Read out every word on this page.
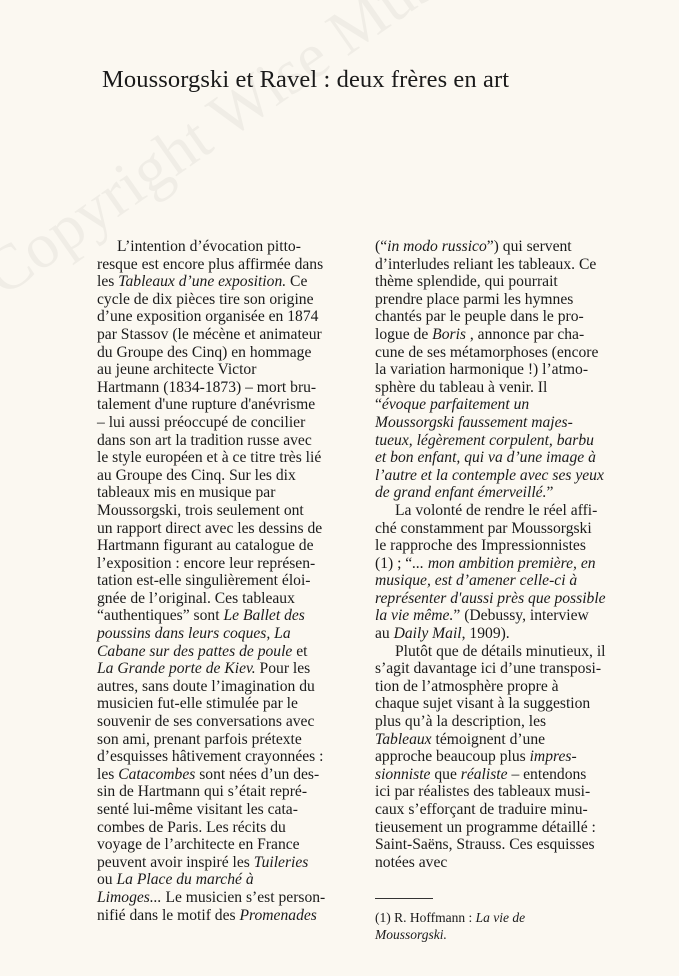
Moussorgski et Ravel : deux frères en art
L’intention d’évocation pitto-
resque est encore plus affirmée dans
les Tableaux d’une exposition. Ce
cycle de dix pièces tire son origine
d’une exposition organisée en 1874
par Stassov (le mécène et animateur
du Groupe des Cinq) en hommage
au jeune architecte Victor
Hartmann (1834-1873) – mort bru-
talement d'une rupture d'anévrisme
– lui aussi préoccupé de concilier
dans son art la tradition russe avec
le style européen et à ce titre très lié
au Groupe des Cinq. Sur les dix
tableaux mis en musique par
Moussorgski, trois seulement ont
un rapport direct avec les dessins de
Hartmann figurant au catalogue de
l’exposition : encore leur représen-
tation est-elle singulièrement éloi-
gnée de l’original. Ces tableaux
“authentiques” sont Le Ballet des
poussins dans leurs coques, La
Cabane sur des pattes de poule et
La Grande porte de Kiev. Pour les
autres, sans doute l’imagination du
musicien fut-elle stimulée par le
souvenir de ses conversations avec
son ami, prenant parfois prétexte
d’esquisses hâtivement crayonnées :
les Catacombes sont nées d’un des-
sin de Hartmann qui s’était repré-
senté lui-même visitant les cata-
combes de Paris. Les récits du
voyage de l’architecte en France
peuvent avoir inspiré les Tuileries
ou La Place du marché à
Limoges... Le musicien s’est person-
nifié dans le motif des Promenades
(“in modo russico”) qui servent
d’interludes reliant les tableaux. Ce
thème splendide, qui pourrait
prendre place parmi les hymnes
chantés par le peuple dans le pro-
logue de Boris , annonce par cha-
cune de ses métamorphoses (encore
la variation harmonique !) l’atmo-
sphère du tableau à venir. Il
“évoque parfaitement un
Moussorgski faussement majes-
tueux, légèrement corpulent, barbu
et bon enfant, qui va d’une image à
l’autre et la contemple avec ses yeux
de grand enfant émerveillé.”
La volonté de rendre le réel affi-
ché constamment par Moussorgski
le rapproche des Impressionnistes
(1) ; “... mon ambition première, en
musique, est d’amener celle-ci à
représenter d'aussi près que possible
la vie même.” (Debussy, interview
au Daily Mail, 1909).
Plutôt que de détails minutieux, il
s’agit davantage ici d’une transposi-
tion de l’atmosphère propre à
chaque sujet visant à la suggestion
plus qu’à la description, les
Tableaux témoignent d’une
approche beaucoup plus impres-
sionniste que réaliste – entendons
ici par réalistes des tableaux musi-
caux s’efforçant de traduire minu-
tieusement un programme détaillé :
Saint-Saëns, Strauss. Ces esquisses
notées avec
(1) R. Hoffmann : La vie de
Moussorgski.
